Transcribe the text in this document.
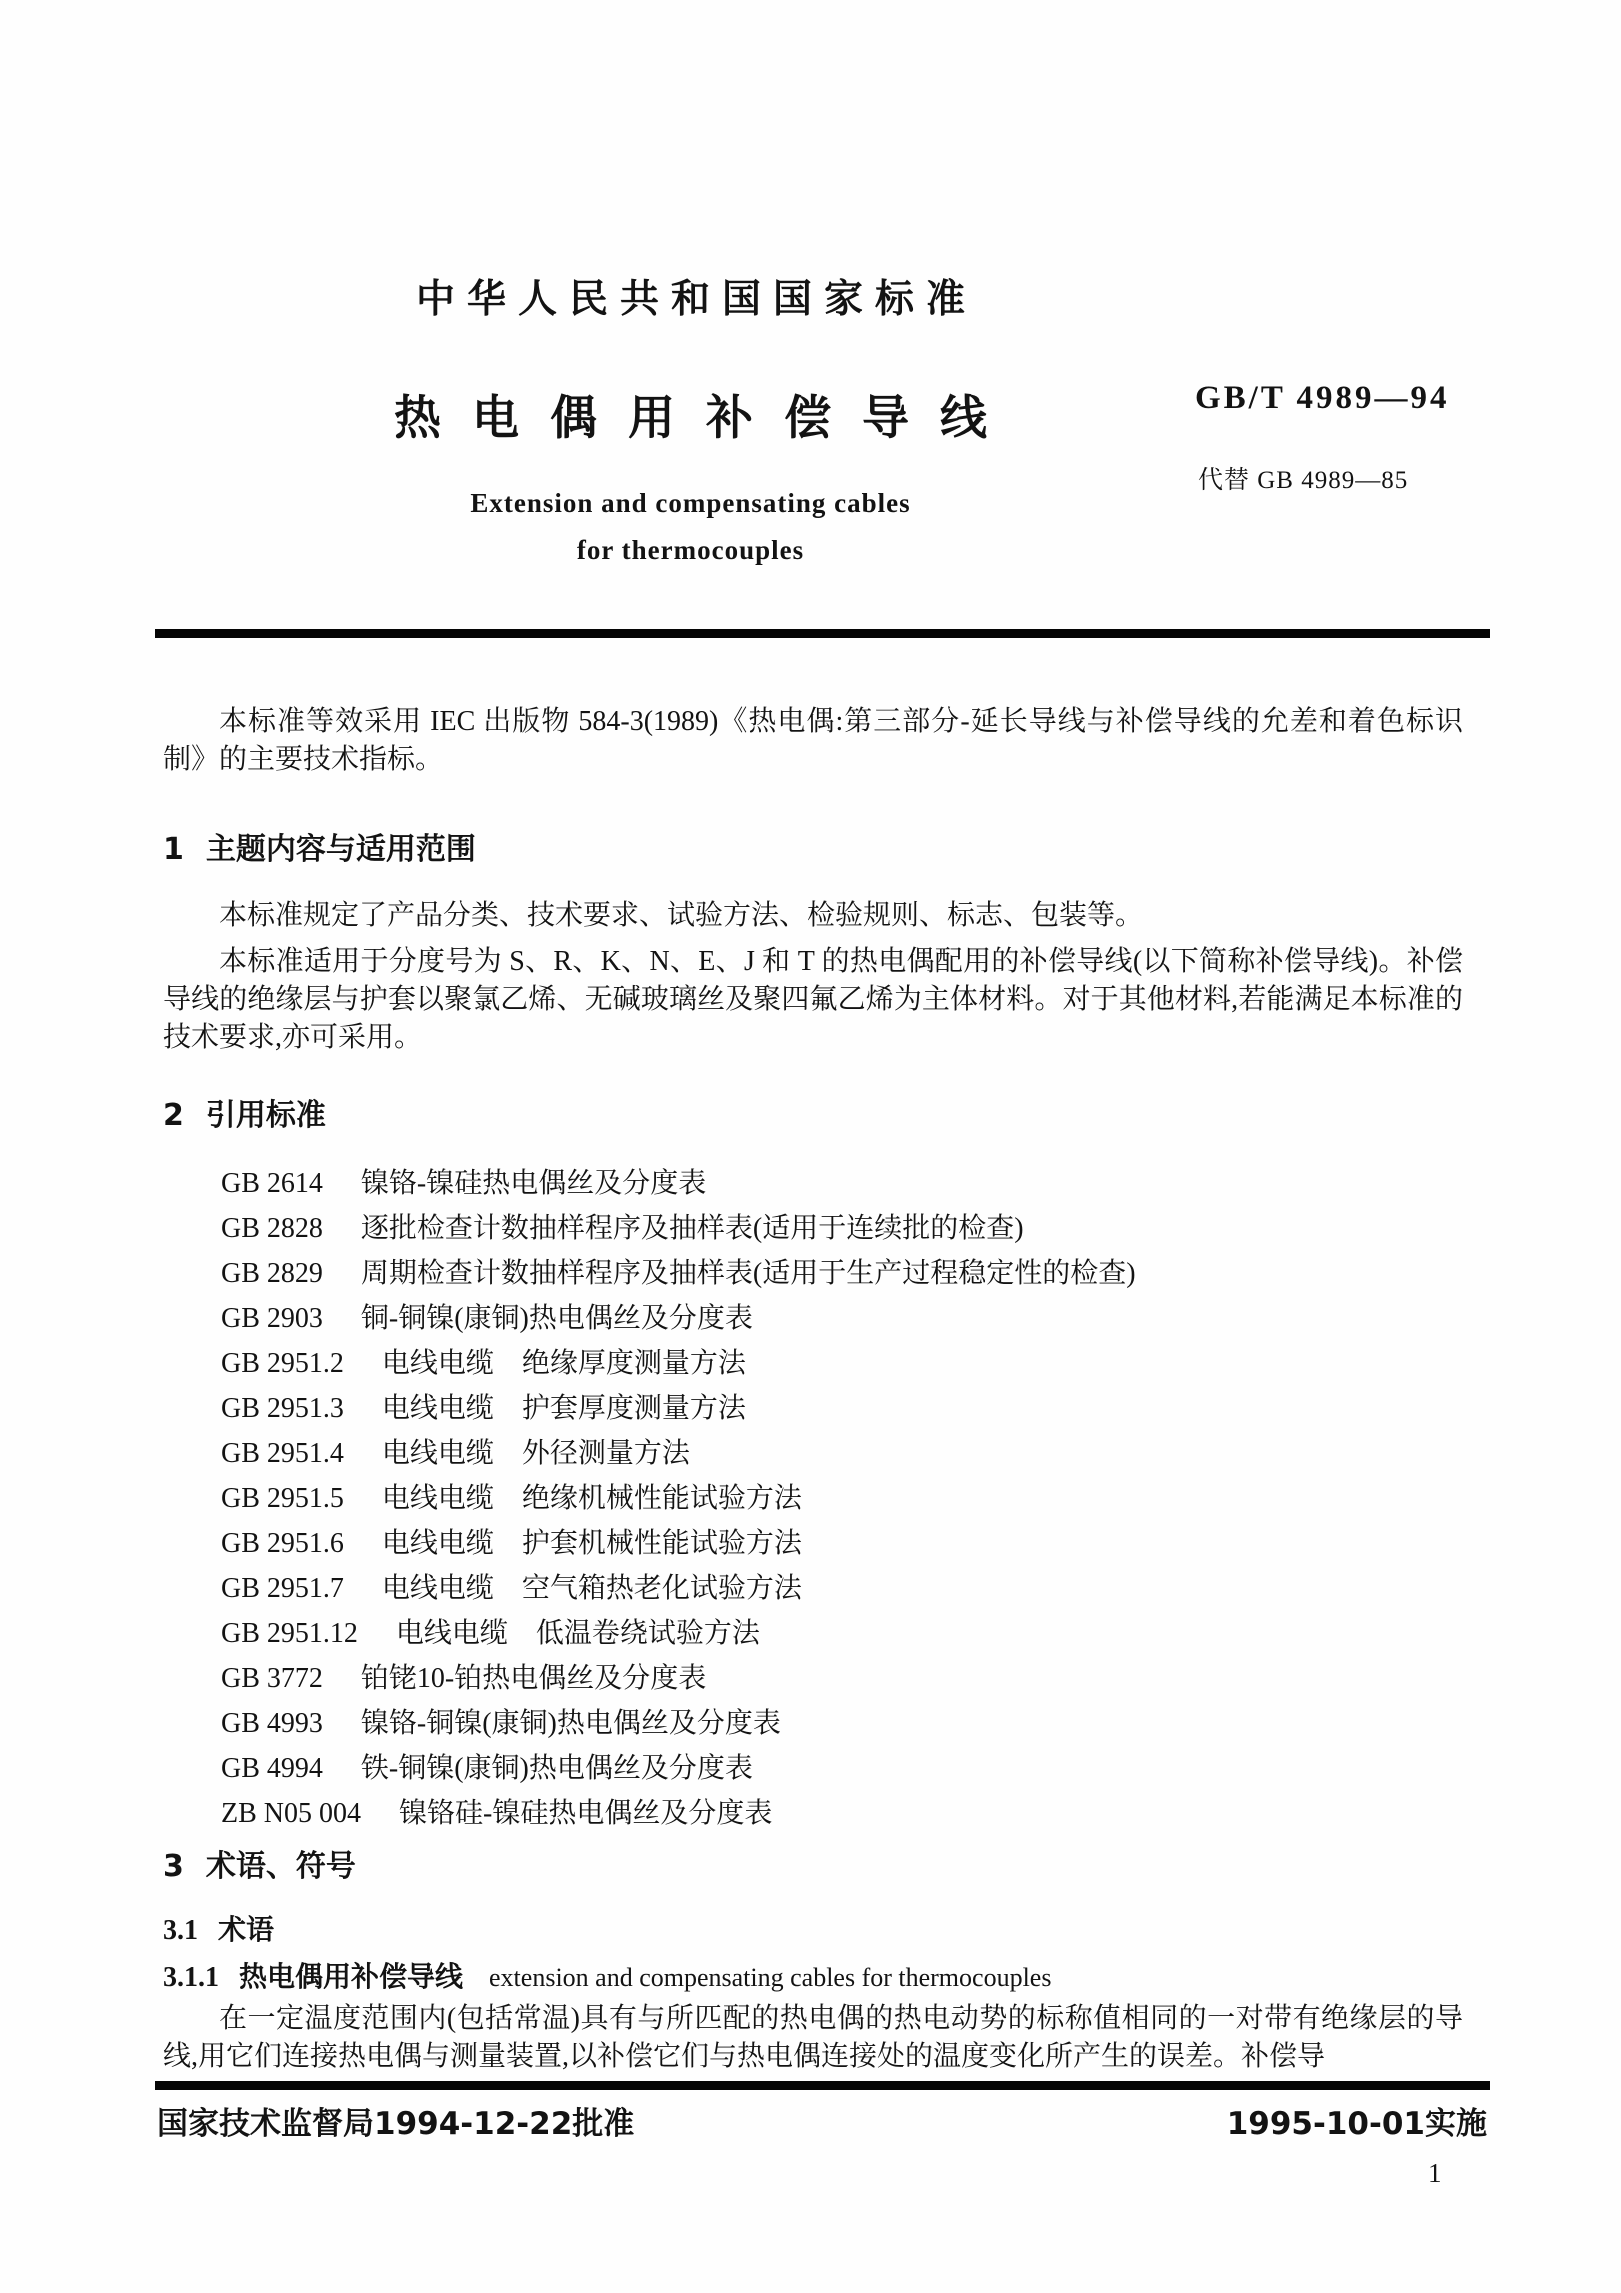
中华人民共和国国家标准
热电偶用补偿导线
Extension and compensating cables
for thermocouples
GB/T 4989—94
代替 GB 4989—85

本标准等效采用 IEC 出版物 584-3(1989)《热电偶:第三部分-延长导线与补偿导线的允差和着色标识制》的主要技术指标。

1 主题内容与适用范围

本标准规定了产品分类、技术要求、试验方法、检验规则、标志、包装等。

本标准适用于分度号为 S、R、K、N、E、J 和 T 的热电偶配用的补偿导线(以下简称补偿导线)。补偿导线的绝缘层与护套以聚氯乙烯、无碱玻璃丝及聚四氟乙烯为主体材料。对于其他材料,若能满足本标准的技术要求,亦可采用。

2 引用标准
GB 2614 镍铬-镍硅热电偶丝及分度表
GB 2828 逐批检查计数抽样程序及抽样表(适用于连续批的检查)
GB 2829 周期检查计数抽样程序及抽样表(适用于生产过程稳定性的检查)
GB 2903 铜-铜镍(康铜)热电偶丝及分度表
GB 2951.2 电线电缆　绝缘厚度测量方法
GB 2951.3 电线电缆　护套厚度测量方法
GB 2951.4 电线电缆　外径测量方法
GB 2951.5 电线电缆　绝缘机械性能试验方法
GB 2951.6 电线电缆　护套机械性能试验方法
GB 2951.7 电线电缆　空气箱热老化试验方法
GB 2951.12 电线电缆　低温卷绕试验方法
GB 3772 铂铑10-铂热电偶丝及分度表
GB 4993 镍铬-铜镍(康铜)热电偶丝及分度表
GB 4994 铁-铜镍(康铜)热电偶丝及分度表
ZB N05 004 镍铬硅-镍硅热电偶丝及分度表
3 术语、符号
3.1 术语
3.1.1 热电偶用补偿导线 extension and compensating cables for thermocouples

在一定温度范围内(包括常温)具有与所匹配的热电偶的热电动势的标称值相同的一对带有绝缘层的导线,用它们连接热电偶与测量装置,以补偿它们与热电偶连接处的温度变化所产生的误差。补偿导

国家技术监督局1994-12-22批准	1995-10-01实施
1
